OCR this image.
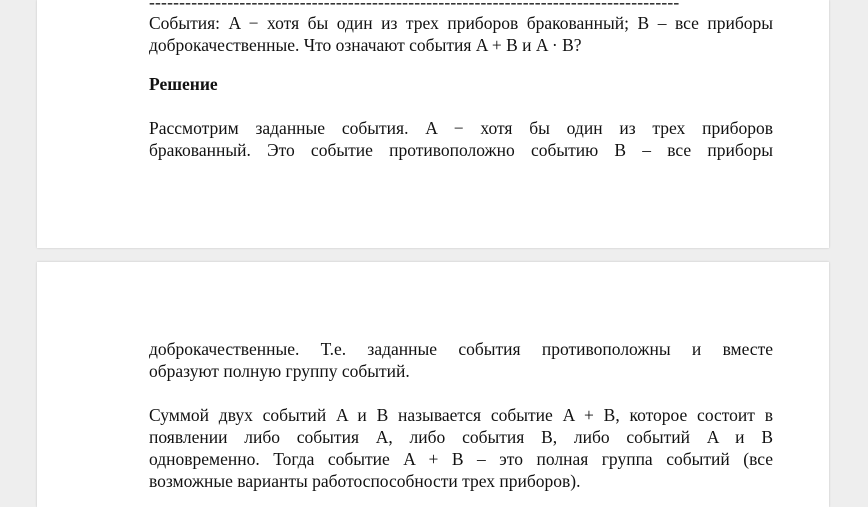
События: A − хотя бы один из трех приборов бракованный; B – все приборы

доброкачественные. Что означают события A + B и A · B?

Решение

Рассмотрим заданные события. A − хотя бы один из трех приборов

бракованный. Это событие противоположно событию B – все приборы

доброкачественные. Т.е. заданные события противоположны и вместе

образуют полную группу событий.

Суммой двух событий A и B называется событие A + B, которое состоит в

появлении либо события A, либо события B, либо событий A и B

одновременно. Тогда событие A + B – это полная группа событий (все

возможные варианты работоспособности трех приборов).
